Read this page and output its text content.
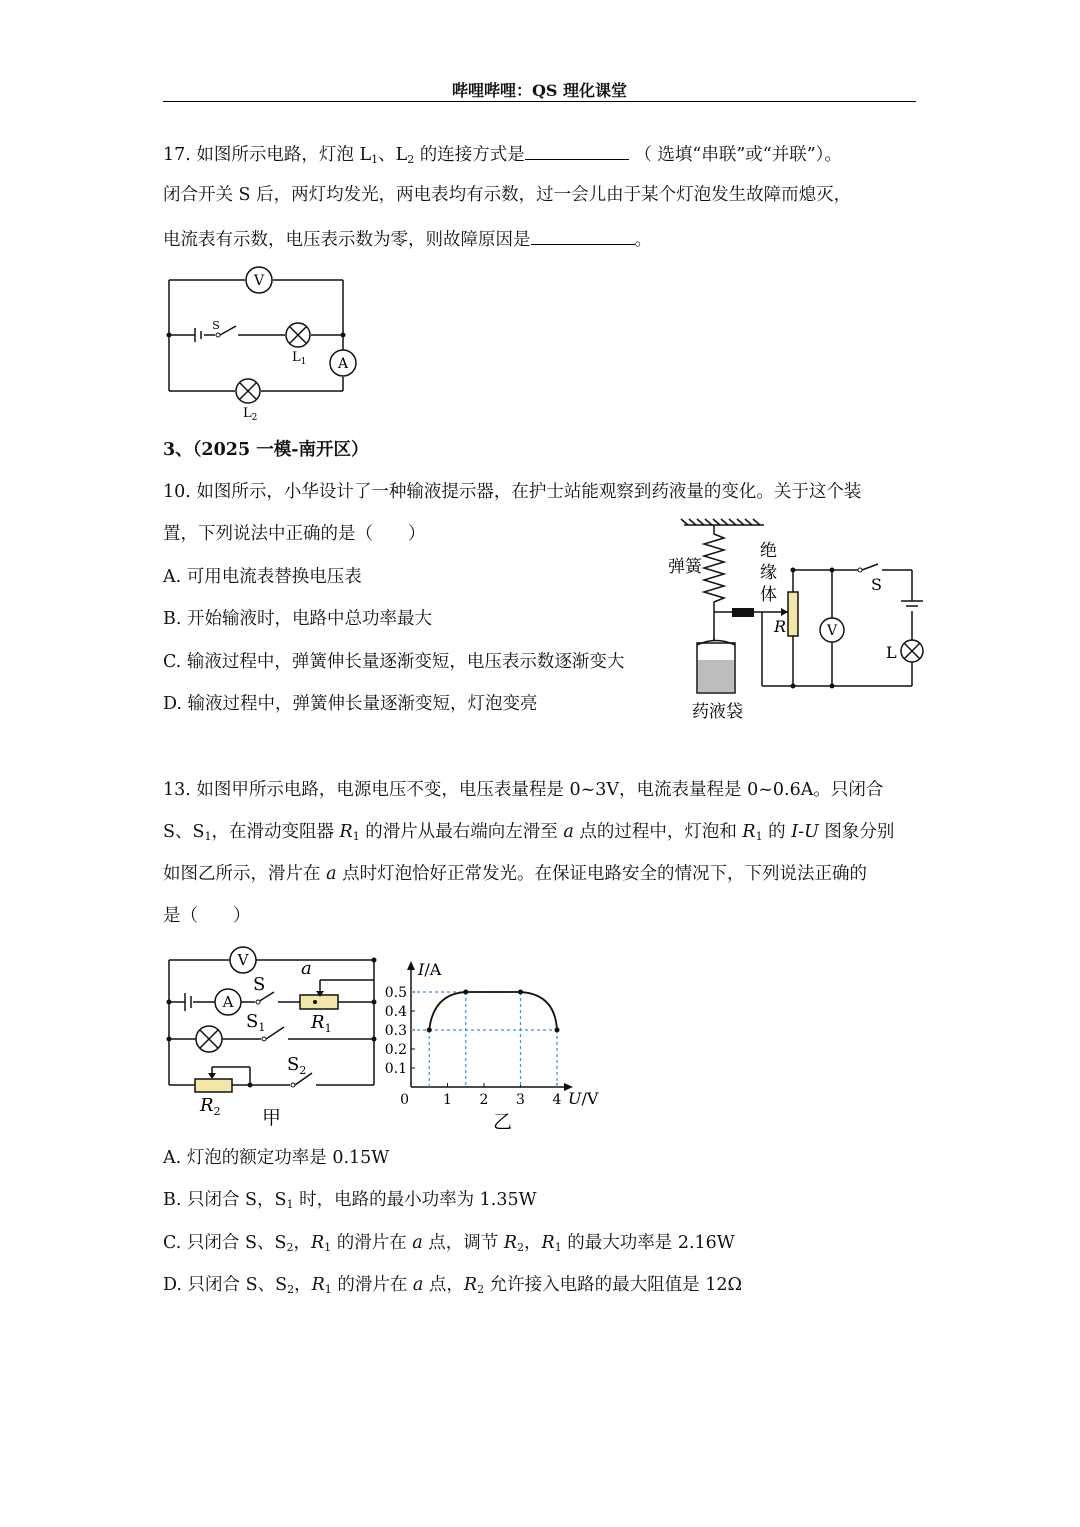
哔哩哔哩：QS 理化课堂
17. 如图所示电路，灯泡 $L_1$、$L_2$ 的连接方式是	（ 选填“串联”或“并联”）。
闭合开关 S 后，两灯均发光，两电表均有示数，过一会儿由于某个灯泡发生故障而熄灭，
电流表有示数，电压表示数为零，则故障原因是	。
V
S
$L_1$ A
$L_2$
3、（2025 一模-南开区）
10. 如图所示，小华设计了一种输液提示器，在护士站能观察到药液量的变化。关于这个装
置，下列说法中正确的是（　　）
A. 可用电流表替换电压表
B. 开始输液时，电路中总功率最大
C. 输液过程中，弹簧伸长量逐渐变短，电压表示数逐渐变大
D. 输液过程中，弹簧伸长量逐渐变短，灯泡变亮
弹簧
绝
缘
体
S
R	V
L
药液袋
13. 如图甲所示电路，电源电压不变，电压表量程是 0~3V，电流表量程是 0~0.6A。只闭合
S、$S_1$，在滑动变阻器 $R_1$ 的滑片从最右端向左滑至 a 点的过程中，灯泡和 $R_1$ 的 I-U 图象分别
如图乙所示，滑片在 a 点时灯泡恰好正常发光。在保证电路安全的情况下，下列说法正确的
是（　　）
V
A
S
a
$R_1$
$S_1$
$S_2$
$R_2$ 甲
0.5
0.4
0.3
0.2
0.1
0 1 2 3 4
I/A
U/V
乙
A. 灯泡的额定功率是 0.15W
B. 只闭合 S，$S_1$ 时，电路的最小功率为 1.35W
C. 只闭合 S、$S_2$，$R_1$ 的滑片在 a 点，调节 $R_2$，$R_1$ 的最大功率是 2.16W
D. 只闭合 S、$S_2$，$R_1$ 的滑片在 a 点，$R_2$ 允许接入电路的最大阻值是 12Ω
